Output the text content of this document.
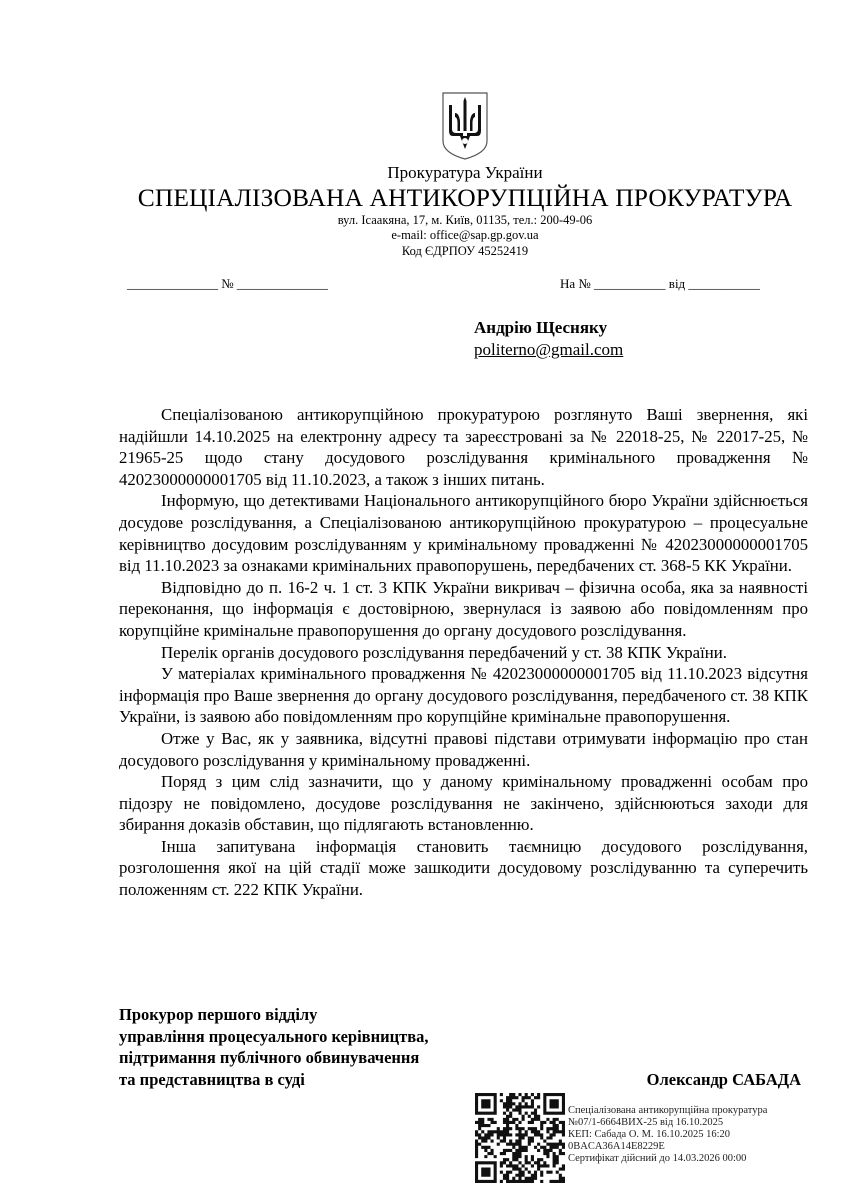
Прокуратура України
СПЕЦІАЛІЗОВАНА АНТИКОРУПЦІЙНА ПРОКУРАТУРА
вул. Ісаакяна, 17, м. Київ, 01135, тел.: 200-49-06
e-mail: office@sap.gp.gov.ua
Код ЄДРПОУ 45252419
______________ № ______________	На № ___________ від ___________
Андрію Щесняку
politerno@gmail.com

Спеціалізованою антикорупційною прокуратурою розглянуто Ваші звернення, які надійшли 14.10.2025 на електронну адресу та зареєстровані за № 22018-25, № 22017-25, № 21965-25 щодо стану досудового розслідування кримінального провадження № 42023000000001705 від 11.10.2023, а також з інших питань.

Інформую, що детективами Національного антикорупційного бюро України здійснюється досудове розслідування, а Спеціалізованою антикорупційною прокуратурою – процесуальне керівництво досудовим розслідуванням у кримінальному провадженні № 42023000000001705 від 11.10.2023 за ознаками кримінальних правопорушень, передбачених ст. 368-5 КК України.

Відповідно до п. 16-2 ч. 1 ст. 3 КПК України викривач – фізична особа, яка за наявності переконання, що інформація є достовірною, звернулася із заявою або повідомленням про корупційне кримінальне правопорушення до органу досудового розслідування.

Перелік органів досудового розслідування передбачений у ст. 38 КПК України.

У матеріалах кримінального провадження № 42023000000001705 від 11.10.2023 відсутня інформація про Ваше звернення до органу досудового розслідування, передбаченого ст. 38 КПК України, із заявою або повідомленням про корупційне кримінальне правопорушення.

Отже у Вас, як у заявника, відсутні правові підстави отримувати інформацію про стан досудового розслідування у кримінальному провадженні.

Поряд з цим слід зазначити, що у даному кримінальному провадженні особам про підозру не повідомлено, досудове розслідування не закінчено, здійснюються заходи для збирання доказів обставин, що підлягають встановленню.

Інша запитувана інформація становить таємницю досудового розслідування, розголошення якої на цій стадії може зашкодити досудовому розслідуванню та суперечить положенням ст. 222 КПК України.

Прокурор першого відділу
управління процесуального керівництва,
підтримання публічного обвинувачення
та представництва в суді	Олександр САБАДА
Спеціалізована антикорупційна прокуратура
№07/1-6664ВИХ-25 від 16.10.2025
КЕП: Сабада О. М. 16.10.2025 16:20
0BACA36A14E8229E
Сертифікат дійсний до 14.03.2026 00:00
